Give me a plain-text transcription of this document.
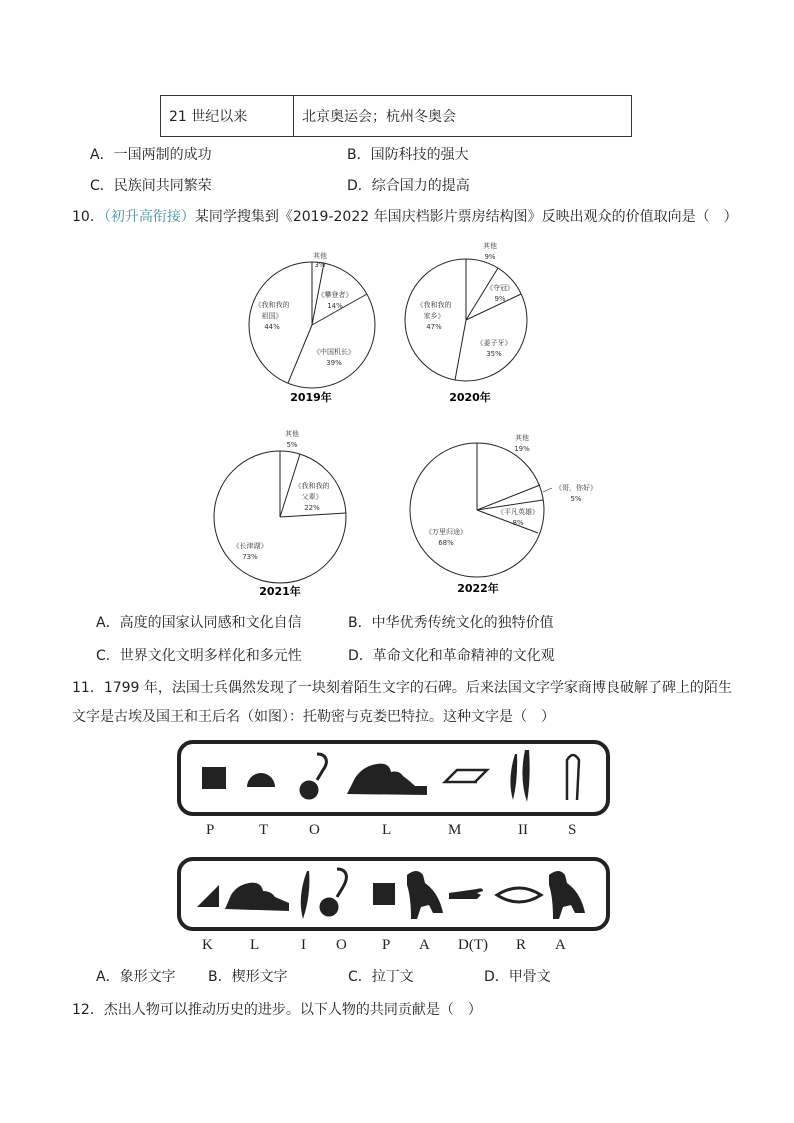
21 世纪以来	北京奥运会；杭州冬奥会
A．一国两制的成功	B．国防科技的强大
C．民族间共同繁荣	D．综合国力的提高
10．（初升高衔接）某同学搜集到《2019-2022 年国庆档影片票房结构图》反映出观众的价值取向是（　）
其他
3%
《攀登者》
14%
《中国机长》
39%
《我和我的
祖国》
44%
2019年
其他
9%
《夺冠》
9%
《姜子牙》
35%
《我和我的
家乡》
47%
2020年
其他
5%
《我和我的
父辈》
22%
《长津湖》
73%
2021年
其他
19%
《哥，你好》
5%
《平凡英雄》
8%
《万里归途》
68%
2022年
A．高度的国家认同感和文化自信	B．中华优秀传统文化的独特价值
C．世界文化文明多样化和多元性	D．革命文化和革命精神的文化观
11．1799 年，法国士兵偶然发现了一块刻着陌生文字的石碑。后来法国文字学家商博良破解了碑上的陌生
文字是古埃及国王和王后名（如图）：托勒密与克娄巴特拉。这种文字是（　）
P	T	O	L	M	II	S
K L	I O P A D(T) R A
A．象形文字 B．楔形文字	C．拉丁文	D．甲骨文
12．杰出人物可以推动历史的进步。以下人物的共同贡献是（　）
